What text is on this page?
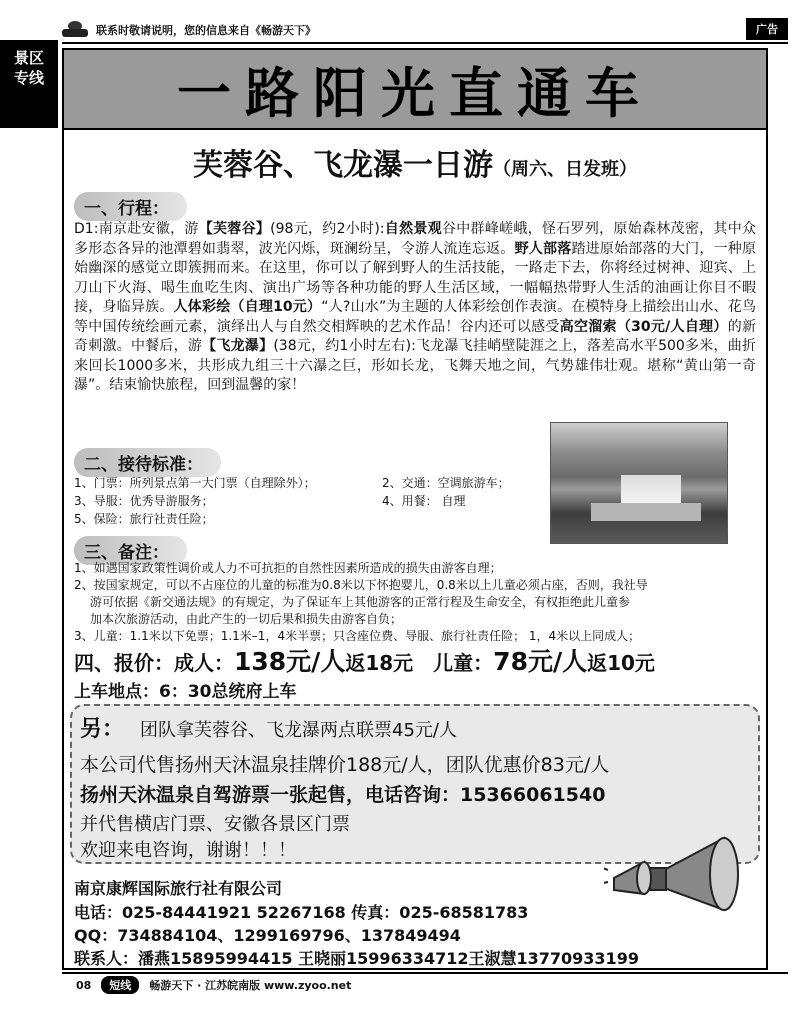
联系时敬请说明，您的信息来自《畅游天下》	广告
景区
专线 一路阳光直通车
芙蓉谷、飞龙瀑一日游（周六、日发班）
一、行程：
D1:南京赴安徽，游【芙蓉谷】(98元，约2小时):自然景观谷中群峰嵯峨，怪石罗列，原始森林茂密，其中众多形态各异的池潭碧如翡翠，波光闪烁，斑澜纷呈，令游人流连忘返。野人部落踏进原始部落的大门，一种原始幽深的感觉立即簇拥而来。在这里，你可以了解到野人的生活技能，一路走下去，你将经过树神、迎宾、上刀山下火海、喝生血吃生肉、演出广场等各种功能的野人生活区域，一幅幅热带野人生活的油画让你目不暇接，身临异族。人体彩绘（自理10元）“人?山水”为主题的人体彩绘创作表演。在模特身上描绘出山水、花鸟等中国传统绘画元素，演绎出人与自然交相辉映的艺术作品！谷内还可以感受高空溜索（30元/人自理）的新奇刺激。中餐后，游【飞龙瀑】(38元，约1小时左右):飞龙瀑飞挂峭壁陡涯之上，落差高水平500多米，曲折来回长1000多米，共形成九组三十六瀑之巨，形如长龙，飞舞天地之间，气势雄伟壮观。堪称“黄山第一奇瀑”。结束愉快旅程，回到温馨的家！
二、接待标准：
1、门票：所列景点第一大门票（自理除外）；	2、交通：空调旅游车；
3、导服：优秀导游服务；	4、用餐： 自理
5、保险：旅行社责任险；
三、备注：
1、如遇国家政策性调价或人力不可抗拒的自然性因素所造成的损失由游客自理；
2、按国家规定，可以不占座位的儿童的标准为0.8米以下怀抱婴儿，0.8米以上儿童必须占座，否则，我社导
游可依据《新交通法规》的有规定，为了保证车上其他游客的正常行程及生命安全，有权拒绝此儿童参
加本次旅游活动，由此产生的一切后果和损失由游客自负；
3、儿童：1.1米以下免票；1.1米–1，4米半票；只含座位费、导服、旅行社责任险； 1，4米以上同成人；
四、报价：成人：138元/人返18元 儿童：78元/人返10元
上车地点：6：30总统府上车
另： 团队拿芙蓉谷、飞龙瀑两点联票45元/人
本公司代售扬州天沐温泉挂牌价188元/人，团队优惠价83元/人
扬州天沐温泉自驾游票一张起售，电话咨询：15366061540
并代售横店门票、安徽各景区门票
欢迎来电咨询，谢谢！！！
南京康辉国际旅行社有限公司
电话：025-84441921 52267168 传真：025-68581783
QQ：734884104、1299169796、137849494
联系人：潘燕15895994415 王晓丽15996334712王淑慧13770933199
08	短线	畅游天下 · 江苏皖南版 www.zyoo.net
